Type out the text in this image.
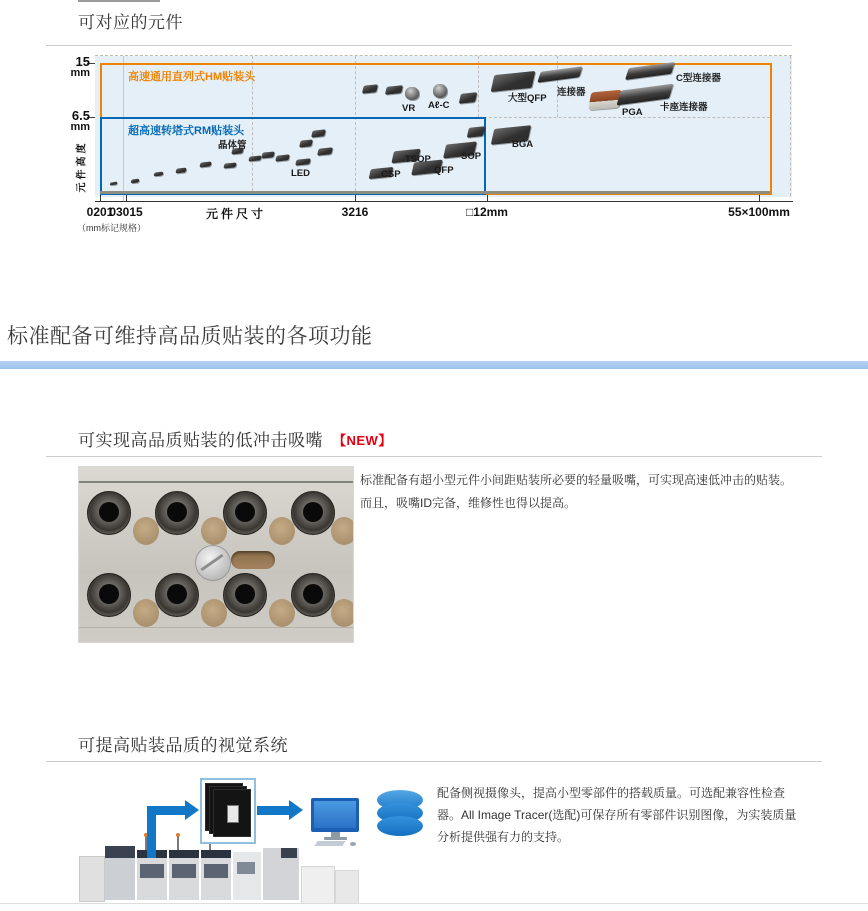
可对应的元件
高速通用直列式HM贴装头
超高速转塔式RM贴装头
15
mm
6.5
mm
元件高度
元件尺寸
（mm标记规格）
晶体管
LED
VR Aℓ-C
大型QFP
连接器
BGA
SOP
TSOP
QFP
CSP
C型连接器
卡座连接器
PGA
0201
03015	3216	□12mm	55×100mm
标准配备可维持高品质贴装的各项功能
可实现高品质贴装的低冲击吸嘴 【NEW】

标准配备有超小型元件小间距贴装所必要的轻量吸嘴，可实现高速低冲击的贴装。而且，吸嘴ID完备，维修性也得以提高。

可提高贴装品质的视觉系统

配备侧视摄像头，提高小型零部件的搭载质量。可选配兼容性检查器。All Image Tracer(选配)可保存所有零部件识别图像，为实装质量分析提供强有力的支持。
